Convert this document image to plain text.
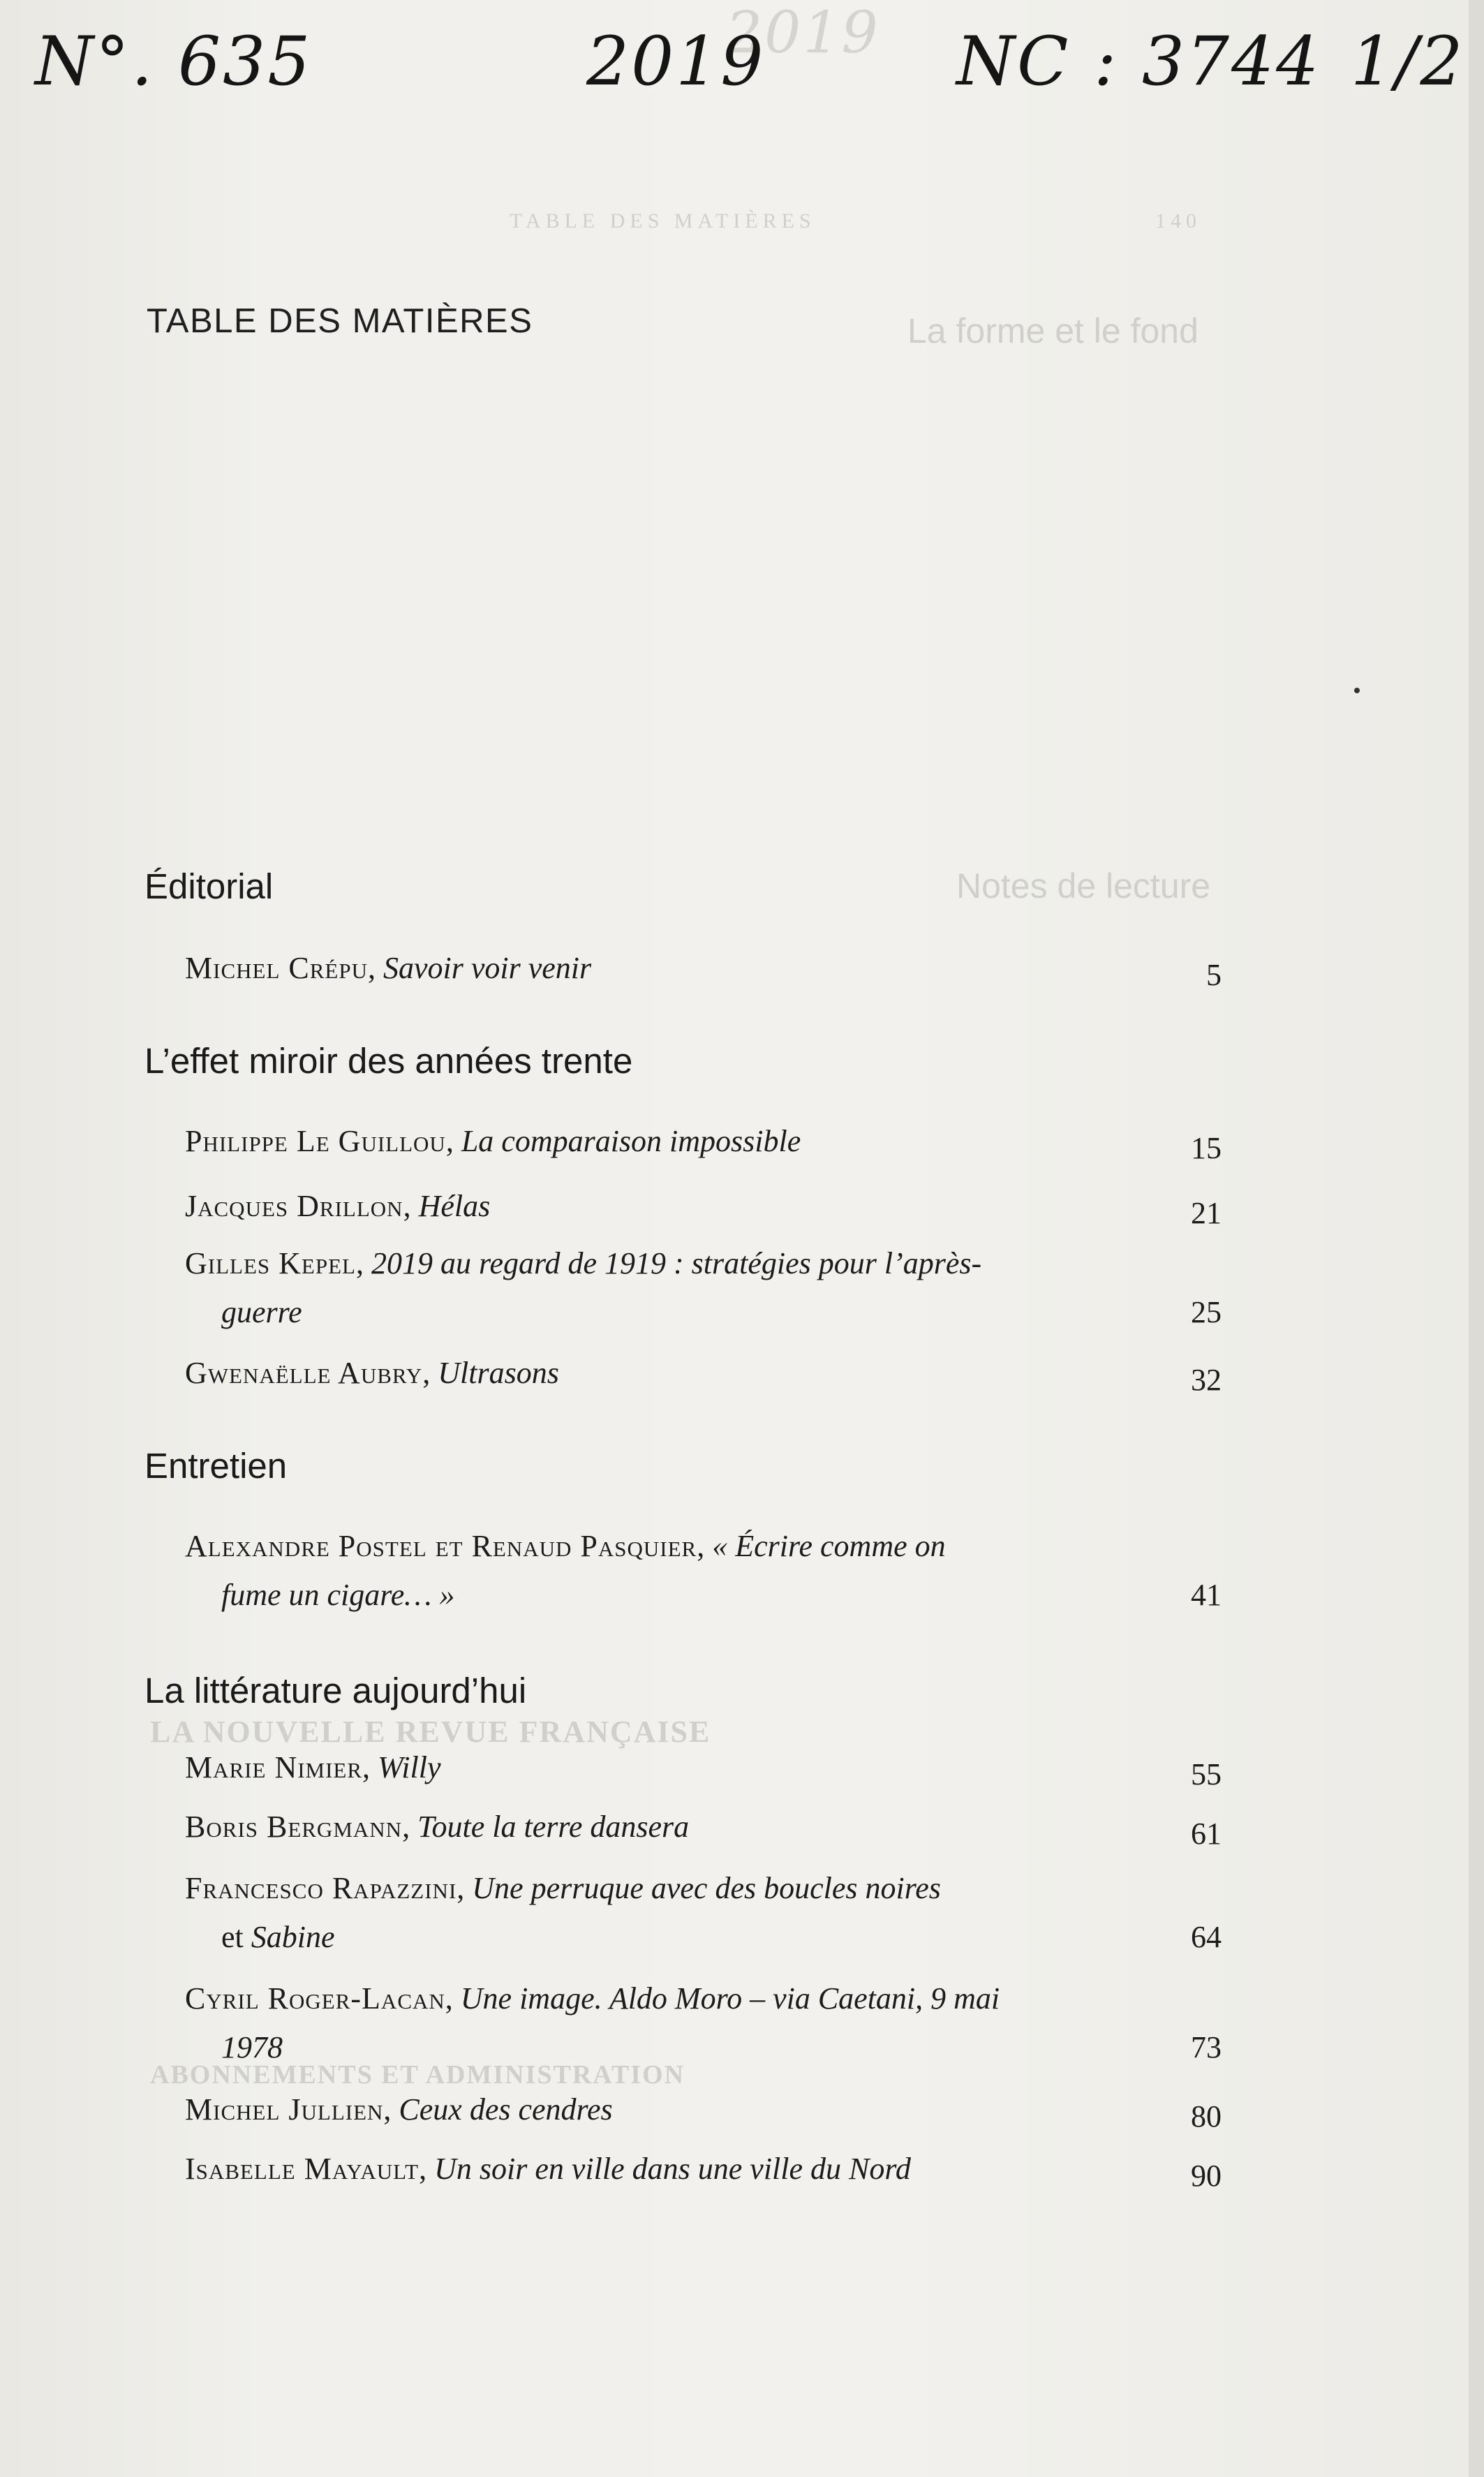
2019
TABLE DES MATIÈRES	140
La forme et le fond
Notes de lecture
LA NOUVELLE REVUE FRANÇAISE
ABONNEMENTS ET ADMINISTRATION
N°. 635	2019	NC : 3744 1/2
TABLE DES MATIÈRES
Éditorial
Michel Crépu, Savoir voir venir	5
L’effet miroir des années trente
Philippe Le Guillou, La comparaison impossible	15
Jacques Drillon, Hélas	21
Gilles Kepel, 2019 au regard de 1919 : stratégies pour l’après-
guerre	25
Gwenaëlle Aubry, Ultrasons	32
Entretien
Alexandre Postel et Renaud Pasquier, « Écrire comme on
fume un cigare… »	41
La littérature aujourd’hui
Marie Nimier, Willy	55
Boris Bergmann, Toute la terre dansera	61
Francesco Rapazzini, Une perruque avec des boucles noires
et Sabine	64
Cyril Roger-Lacan, Une image. Aldo Moro – via Caetani, 9 mai
1978	73
Michel Jullien, Ceux des cendres	80
Isabelle Mayault, Un soir en ville dans une ville du Nord	90
